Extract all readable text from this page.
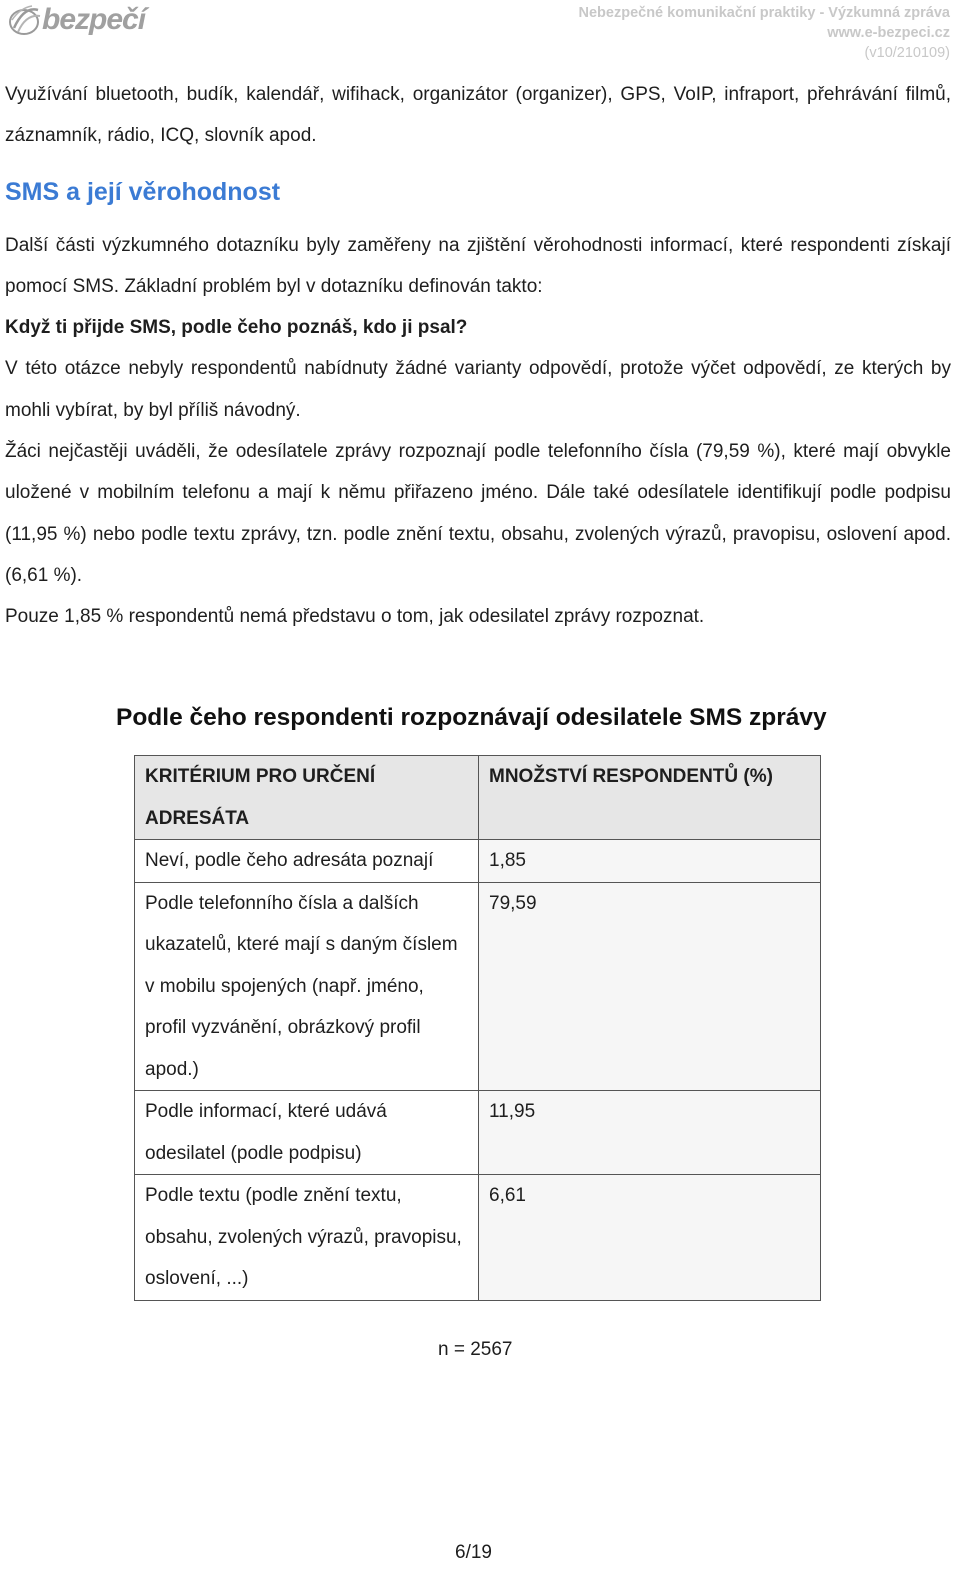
bezpečí	Nebezpečné komunikační praktiky - Výzkumná zpráva
www.e-bezpeci.cz
(v10/210109)

Využívání bluetooth, budík, kalendář, wifihack, organizátor (organizer), GPS, VoIP, infraport, přehrávání filmů, záznamník, rádio, ICQ, slovník apod.

SMS a její věrohodnost

Další části výzkumného dotazníku byly zaměřeny na zjištění věrohodnosti informací, které respondenti získají pomocí SMS. Základní problém byl v dotazníku definován takto:

Když ti přijde SMS, podle čeho poznáš, kdo ji psal?

V této otázce nebyly respondentů nabídnuty žádné varianty odpovědí, protože výčet odpovědí, ze kterých by mohli vybírat, by byl příliš návodný.

Žáci nejčastěji uváděli, že odesílatele zprávy rozpoznají podle telefonního čísla (79,59 %), které mají obvykle uložené v mobilním telefonu a mají k němu přiřazeno jméno. Dále také odesílatele identifikují podle podpisu (11,95 %) nebo podle textu zprávy, tzn. podle znění textu, obsahu, zvolených výrazů, pravopisu, oslovení apod. (6,61 %).

Pouze 1,85 % respondentů nemá představu o tom, jak odesilatel zprávy rozpoznat.

Podle čeho respondenti rozpoznávají odesilatele SMS zprávy
KRITÉRIUM PRO URČENÍ ADRESÁTA	MNOŽSTVÍ RESPONDENTŮ (%)
Neví, podle čeho adresáta poznají	1,85
Podle telefonního čísla a dalších ukazatelů, které mají s daným číslem v mobilu spojených (např. jméno, profil vyzvánění, obrázkový profil apod.)	79,59
Podle informací, které udává odesilatel (podle podpisu)	11,95
Podle textu (podle znění textu, obsahu, zvolených výrazů, pravopisu, oslovení, ...)	6,61
n = 2567
6/19
